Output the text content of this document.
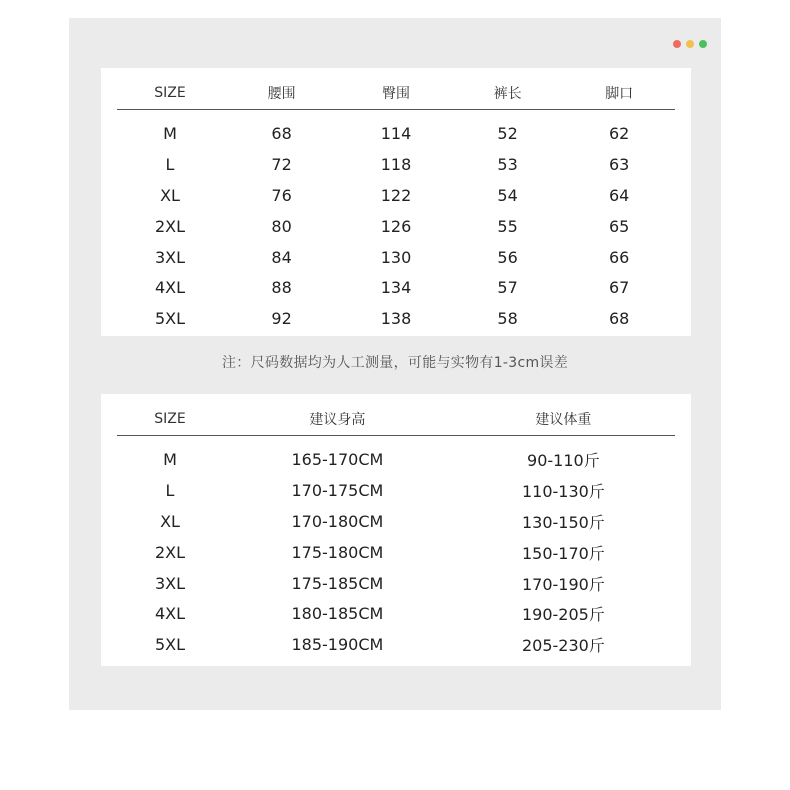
SIZE	腰围	臀围	裤长	脚口
M	68	114	52	62
L	72	118	53	63
XL	76	122	54	64
2XL	80	126	55	65
3XL	84	130	56	66
4XL	88	134	57	67
5XL	92	138	58	68
注：尺码数据均为人工测量，可能与实物有1-3cm误差
SIZE	建议身高	建议体重
M	165-170CM	90-110斤
L	170-175CM	110-130斤
XL	170-180CM	130-150斤
2XL	175-180CM	150-170斤
3XL	175-185CM	170-190斤
4XL	180-185CM	190-205斤
5XL	185-190CM	205-230斤
